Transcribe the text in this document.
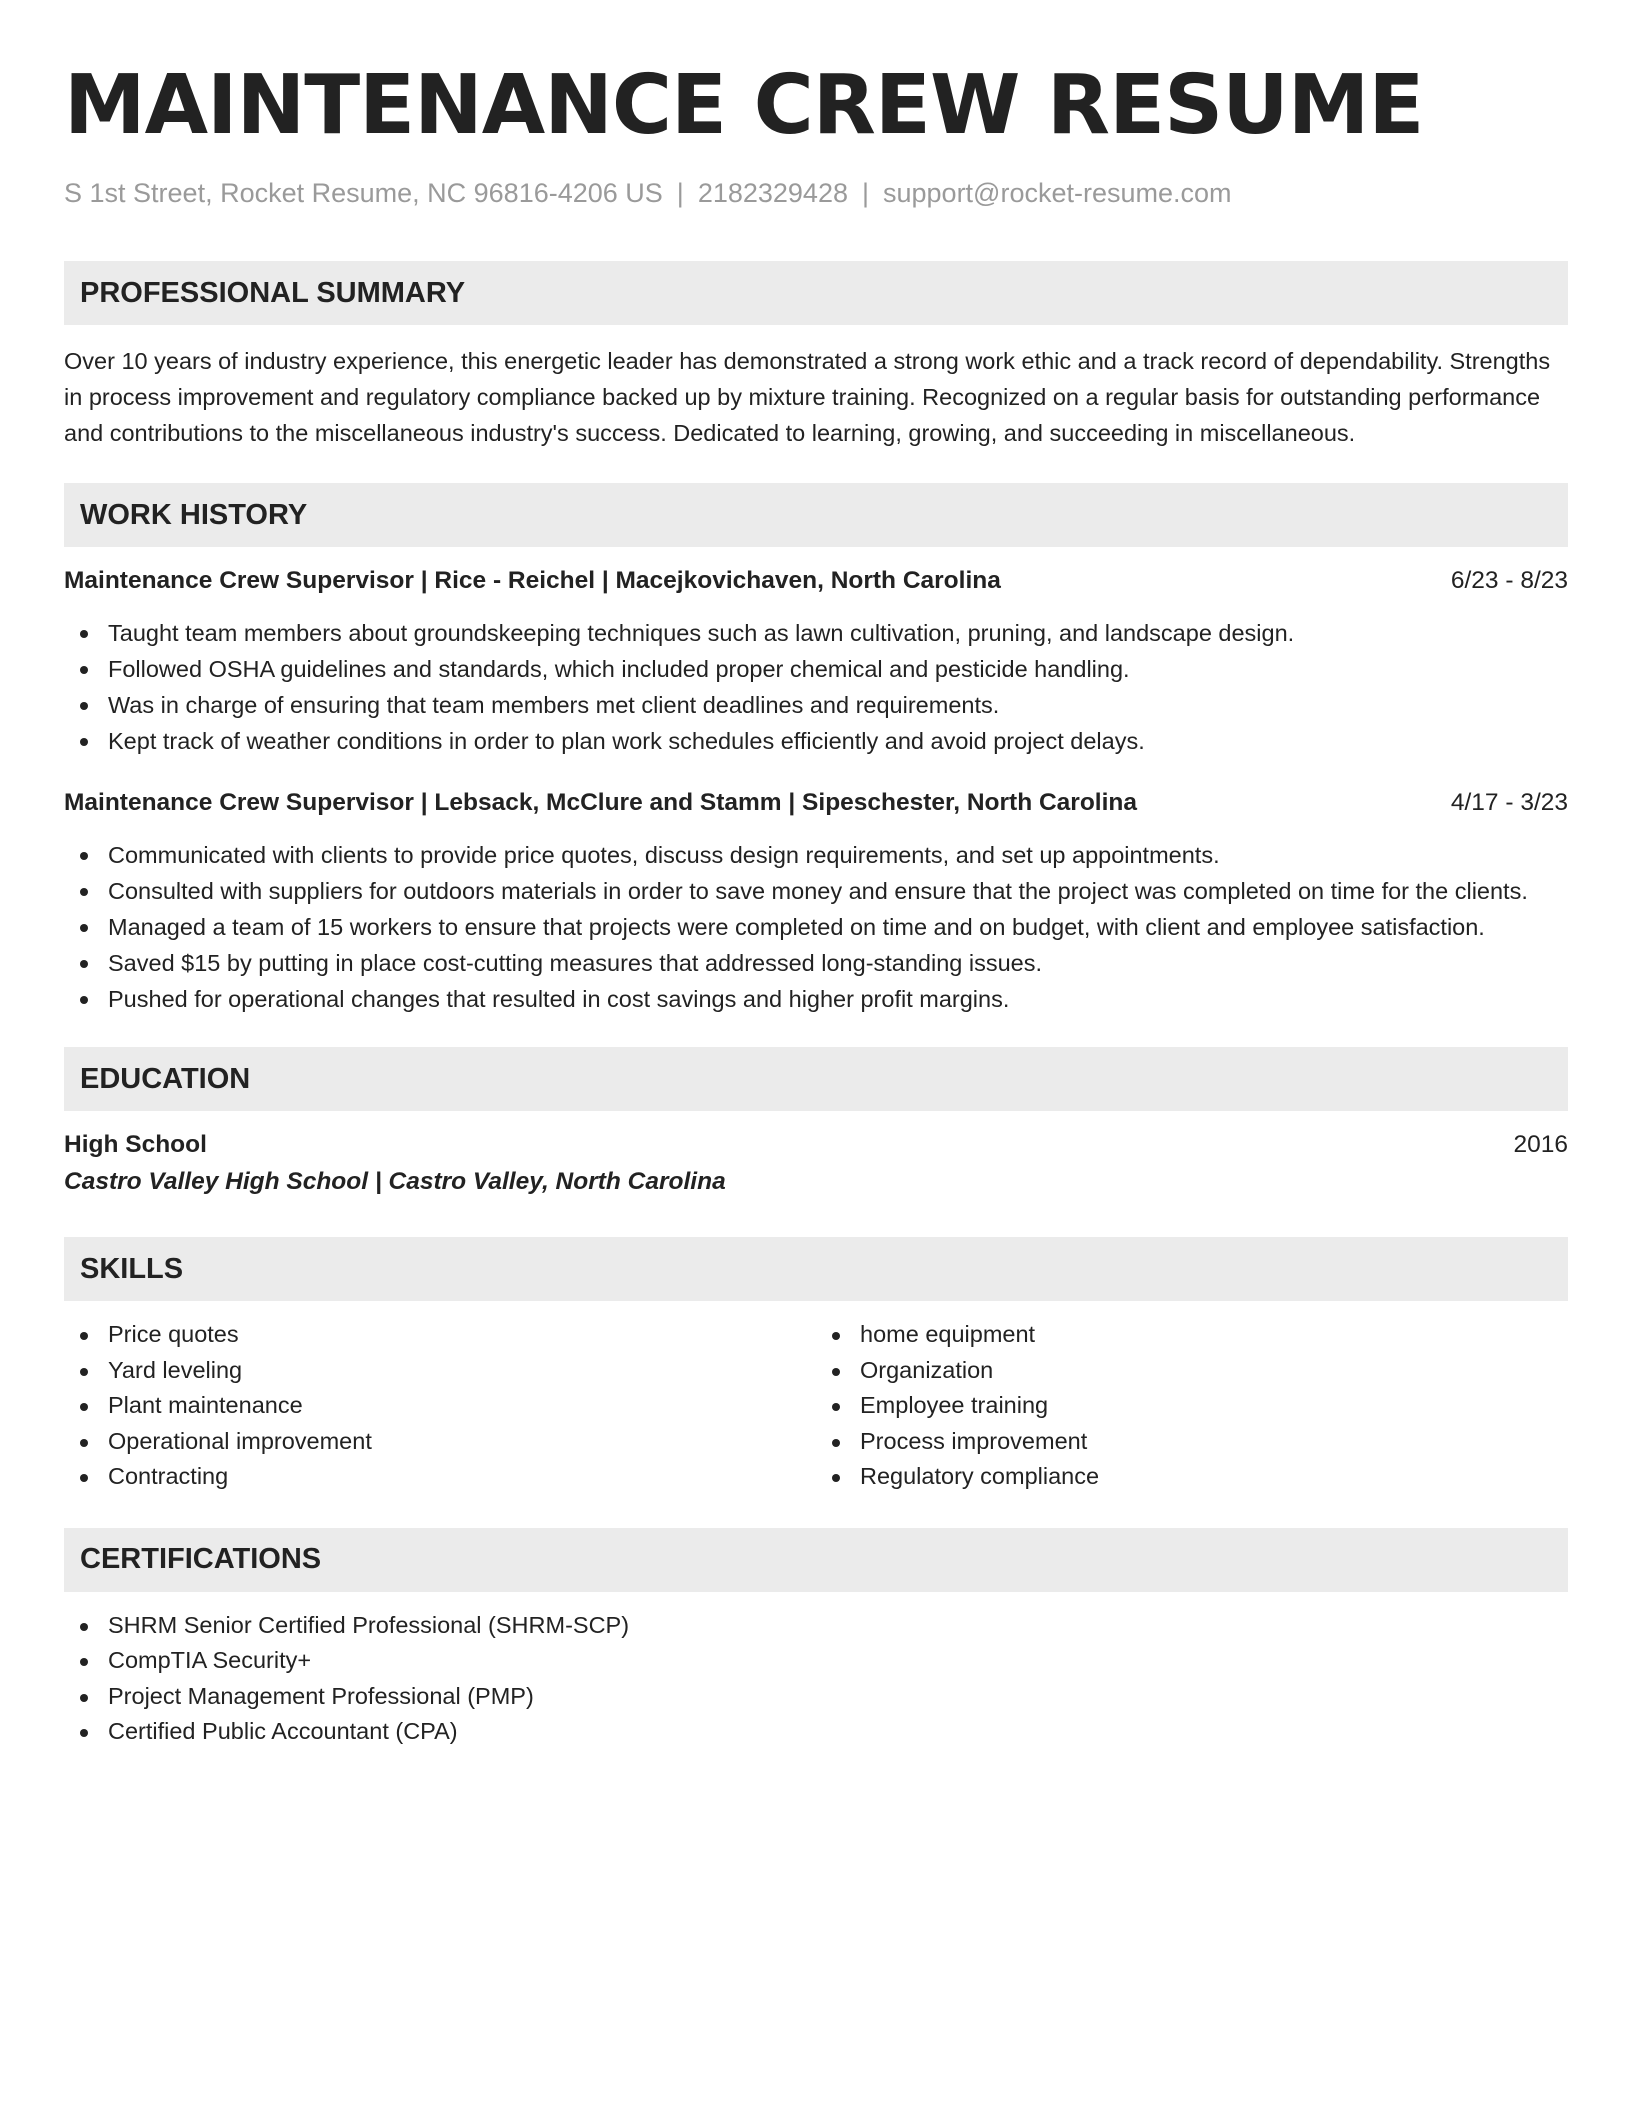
MAINTENANCE CREW RESUME
S 1st Street, Rocket Resume, NC 96816-4206 US | 2182329428 | support@rocket-resume.com
PROFESSIONAL SUMMARY
Over 10 years of industry experience, this energetic leader has demonstrated a strong work ethic and a track record of dependability. Strengths in process improvement and regulatory compliance backed up by mixture training. Recognized on a regular basis for outstanding performance and contributions to the miscellaneous industry's success. Dedicated to learning, growing, and succeeding in miscellaneous.
WORK HISTORY
Maintenance Crew Supervisor | Rice - Reichel | Macejkovichaven, North Carolina	6/23 - 8/23
Taught team members about groundskeeping techniques such as lawn cultivation, pruning, and landscape design.
Followed OSHA guidelines and standards, which included proper chemical and pesticide handling.
Was in charge of ensuring that team members met client deadlines and requirements.
Kept track of weather conditions in order to plan work schedules efficiently and avoid project delays.
Maintenance Crew Supervisor | Lebsack, McClure and Stamm | Sipeschester, North Carolina	4/17 - 3/23
Communicated with clients to provide price quotes, discuss design requirements, and set up appointments.
Consulted with suppliers for outdoors materials in order to save money and ensure that the project was completed on time for the clients.
Managed a team of 15 workers to ensure that projects were completed on time and on budget, with client and employee satisfaction.
Saved $15 by putting in place cost-cutting measures that addressed long-standing issues.
Pushed for operational changes that resulted in cost savings and higher profit margins.
EDUCATION
High School	2016
Castro Valley High School | Castro Valley, North Carolina
SKILLS
Price quotes
Yard leveling
Plant maintenance
Operational improvement
Contracting
home equipment
Organization
Employee training
Process improvement
Regulatory compliance
CERTIFICATIONS
SHRM Senior Certified Professional (SHRM-SCP)
CompTIA Security+
Project Management Professional (PMP)
Certified Public Accountant (CPA)
